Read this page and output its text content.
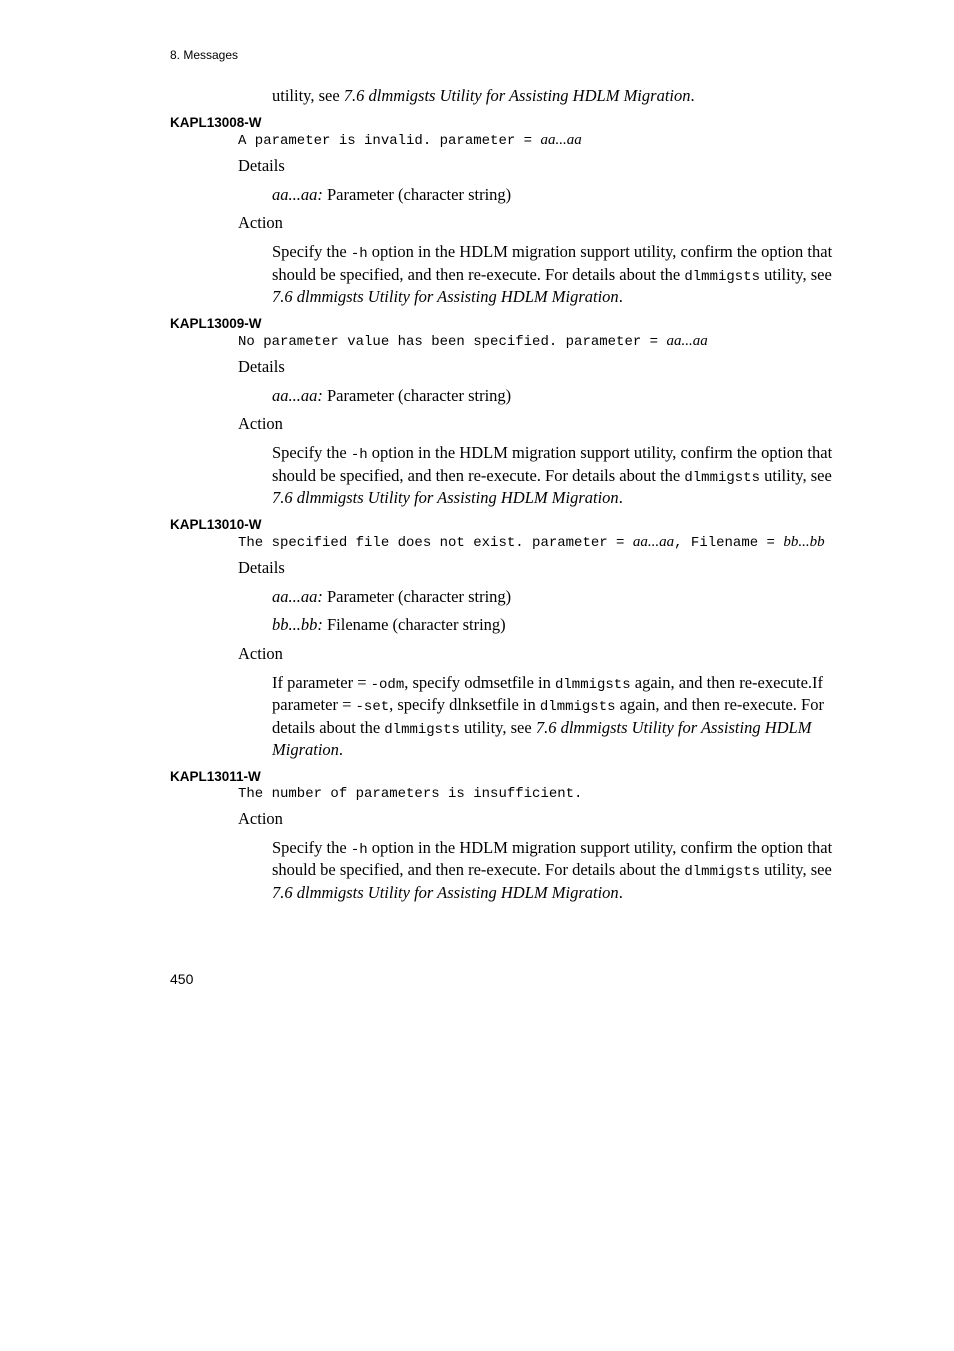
8. Messages
utility, see 7.6 dlmmigsts Utility for Assisting HDLM Migration.
KAPL13008-W
A parameter is invalid. parameter = aa...aa
Details
aa...aa: Parameter (character string)
Action
Specify the -h option in the HDLM migration support utility, confirm the option that should be specified, and then re-execute. For details about the dlmmigsts utility, see 7.6 dlmmigsts Utility for Assisting HDLM Migration.
KAPL13009-W
No parameter value has been specified. parameter = aa...aa
Details
aa...aa: Parameter (character string)
Action
Specify the -h option in the HDLM migration support utility, confirm the option that should be specified, and then re-execute. For details about the dlmmigsts utility, see 7.6 dlmmigsts Utility for Assisting HDLM Migration.
KAPL13010-W
The specified file does not exist. parameter = aa...aa, Filename = bb...bb
Details
aa...aa: Parameter (character string)
bb...bb: Filename (character string)
Action
If parameter = -odm, specify odmsetfile in dlmmigsts again, and then re-execute.If parameter = -set, specify dlnksetfile in dlmmigsts again, and then re-execute. For details about the dlmmigsts utility, see 7.6 dlmmigsts Utility for Assisting HDLM Migration.
KAPL13011-W
The number of parameters is insufficient.
Action
Specify the -h option in the HDLM migration support utility, confirm the option that should be specified, and then re-execute. For details about the dlmmigsts utility, see 7.6 dlmmigsts Utility for Assisting HDLM Migration.
450
